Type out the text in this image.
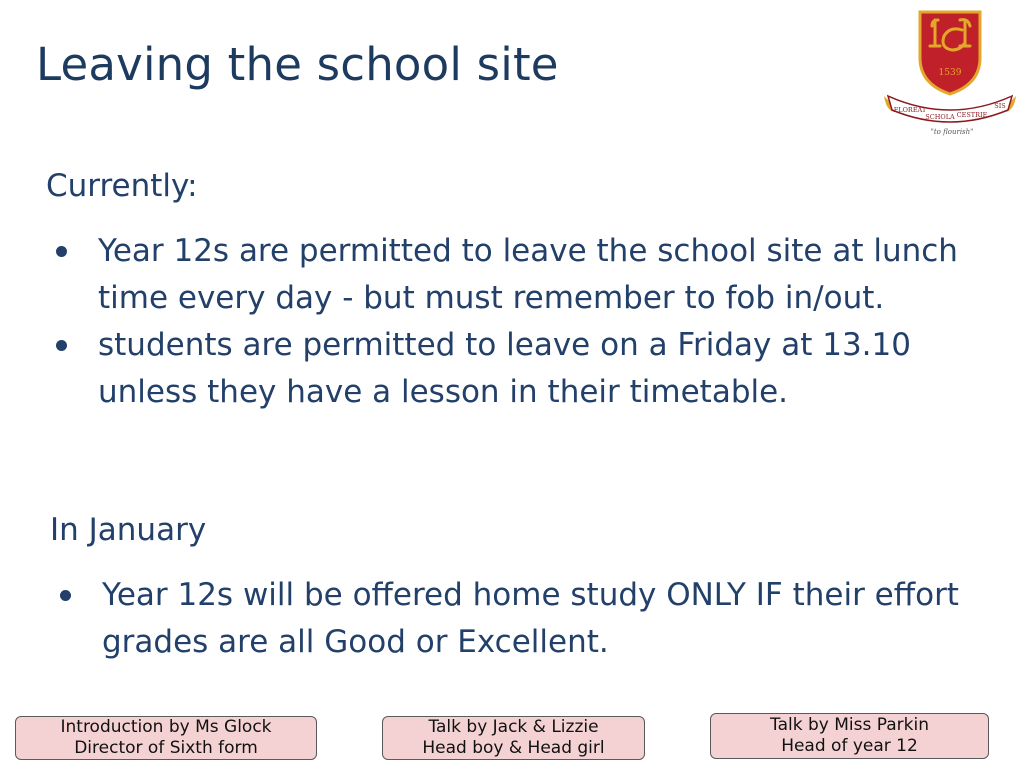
Leaving the school site	1539
FLOREAT
SCHOLA CESTRIE
SIS
"to flourish"
Currently:
Year 12s are permitted to leave the school site at lunch time every day - but must remember to fob in/out.
students are permitted to leave on a Friday at 13.10 unless they have a lesson in their timetable.
In January
Year 12s will be offered home study ONLY IF their effort grades are all Good or Excellent.
Introduction by Ms Glock
Director of Sixth form
Talk by Jack & Lizzie
Head boy & Head girl
Talk by Miss Parkin
Head of year 12
